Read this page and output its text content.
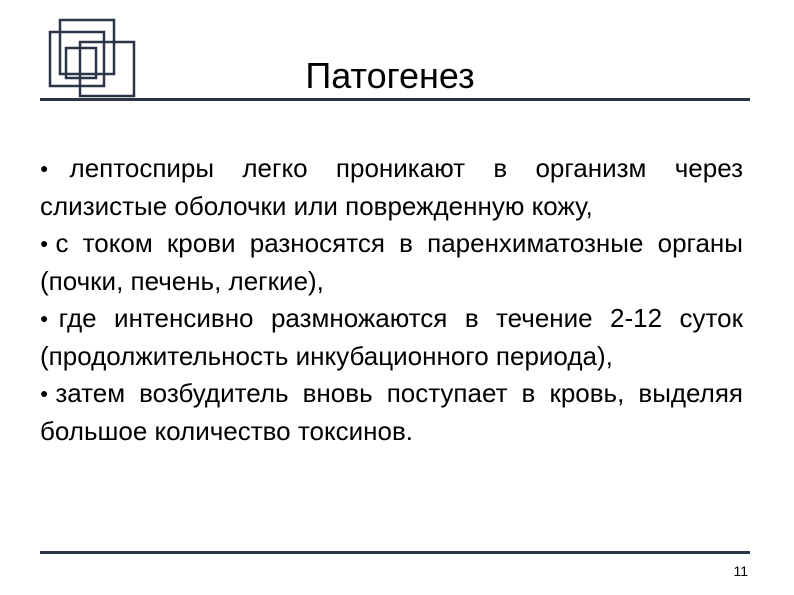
Патогенез
●лептоспиры легко проникают в организм через слизистые оболочки или поврежденную кожу,
●с током крови разносятся в паренхиматозные органы (почки, печень, легкие),
●где интенсивно размножаются в течение 2-12 суток (продолжительность инкубационного периода),
●затем возбудитель вновь поступает в кровь, выделяя большое количество токсинов.
11
